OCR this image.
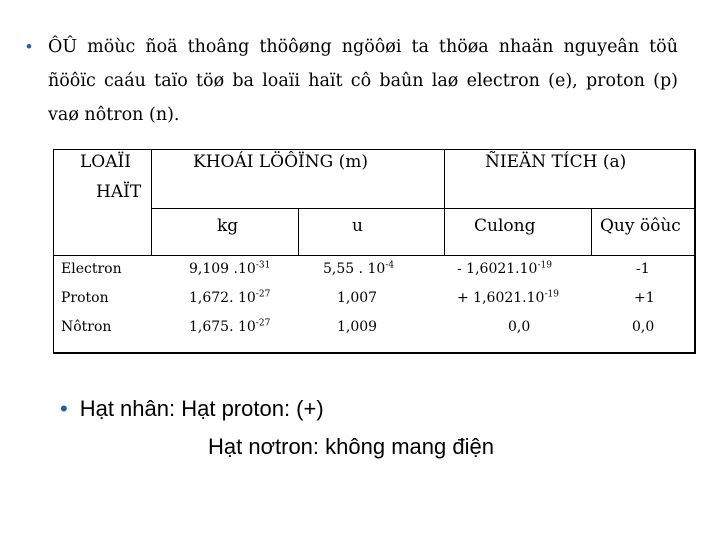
• ÔÛ möùc ñoä thoâng thöôøng ngöôøi ta thöøa nhaän nguyeân töû ñöôïc caáu taïo töø ba loaïi haït cô baûn laø electron (e), proton (p) vaø nôtron (n).
LOAÏI
HAÏT
KHOÁI LÖÔÏNG (m)	ÑIEÄN TÍCH (a)
kg	u	Culong	Quy öôùc
Electron	9,109 $.10^{-31}$	5,55 . $10^{-4}$	- $1,6021.10^{-19}$	-1
Proton	1,672. $10^{-27}$	1,007	+ $1,6021.10^{-19}$	+1
Nôtron	1,675. $10^{-27}$	1,009	0,0	0,0
• Hạt nhân: Hạt proton: (+)
Hạt nơtron: không mang điện
